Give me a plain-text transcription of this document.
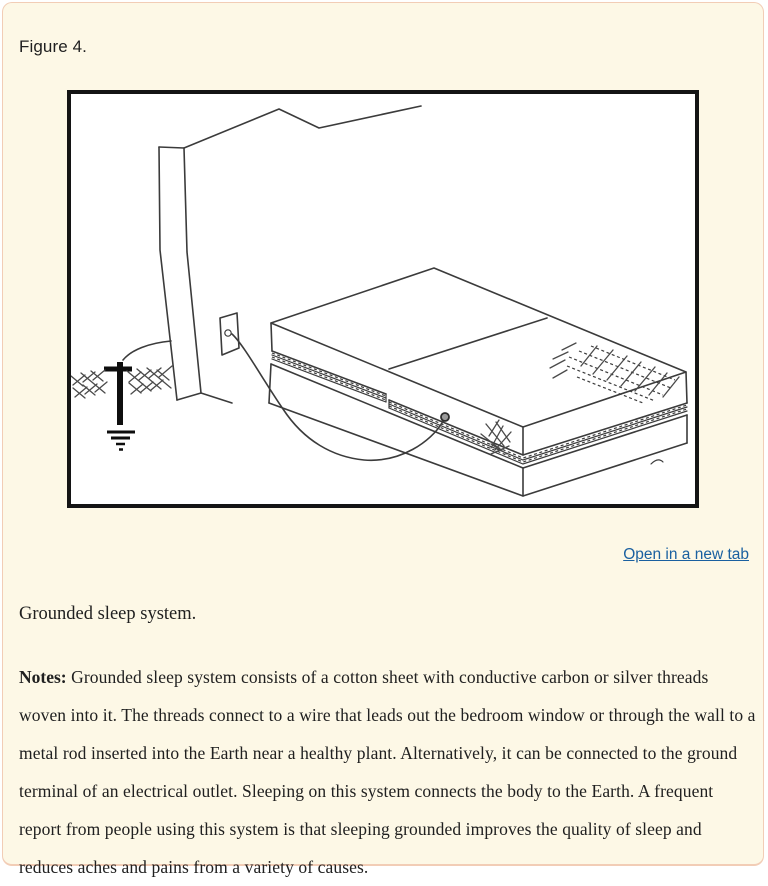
Figure 4.
Open in a new tab
Grounded sleep system.

Notes: Grounded sleep system consists of a cotton sheet with conductive carbon or silver threads woven into it. The threads connect to a wire that leads out the bedroom window or through the wall to a metal rod inserted into the Earth near a healthy plant. Alternatively, it can be connected to the ground terminal of an electrical outlet. Sleeping on this system connects the body to the Earth. A frequent report from people using this system is that sleeping grounded improves the quality of sleep and reduces aches and pains from a variety of causes.
